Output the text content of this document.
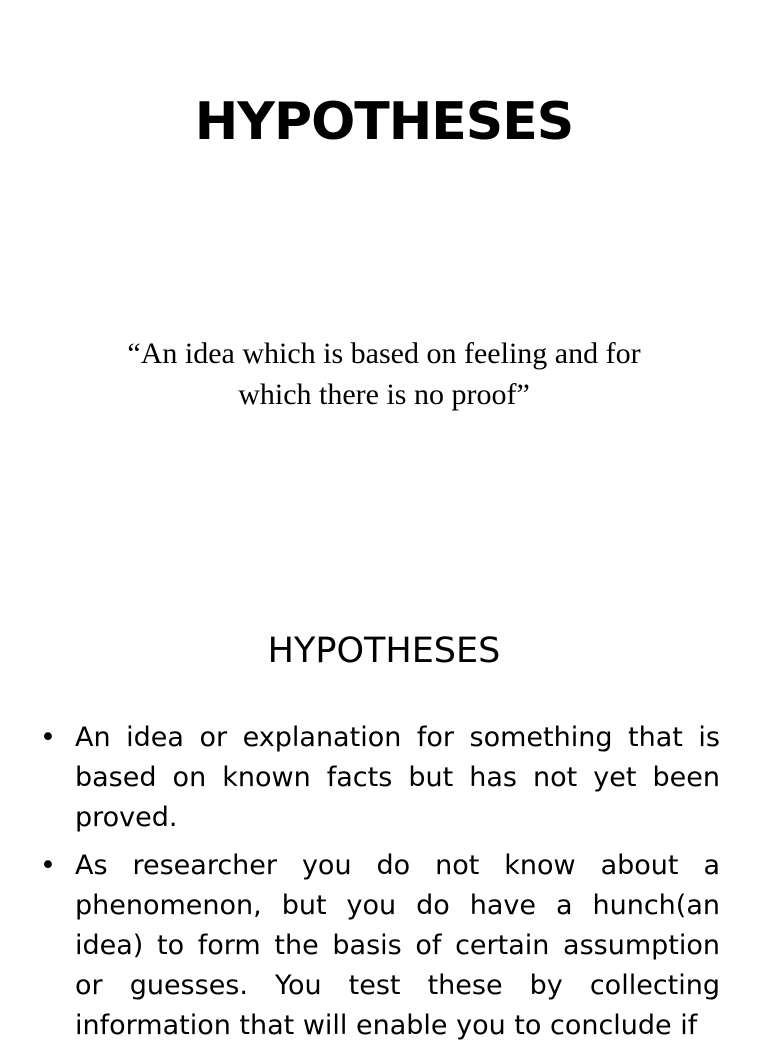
HYPOTHESES

“An idea which is based on feeling and for
which there is no proof”

HYPOTHESES
• An idea or explanation for something that is based on known facts but has not yet been proved.
• As researcher you do not know about a phenomenon, but you do have a hunch(an idea) to form the basis of certain assumption or guesses. You test these by collecting information that will enable you to conclude if
